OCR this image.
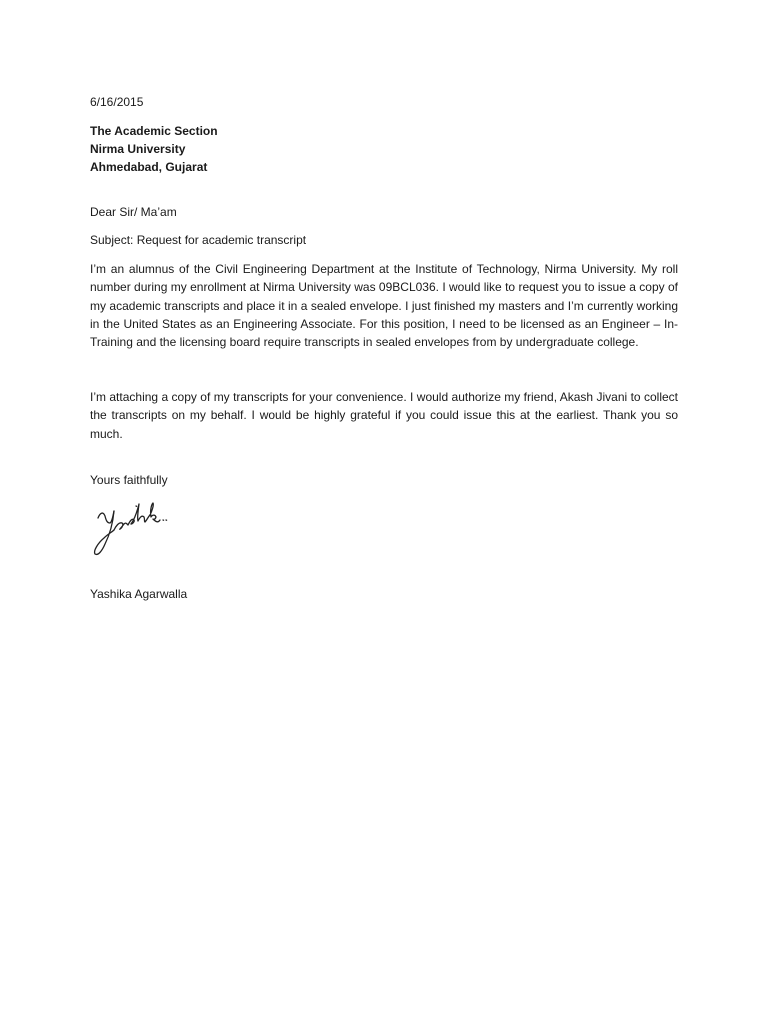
6/16/2015
The Academic Section
Nirma University
Ahmedabad, Gujarat
Dear Sir/ Ma’am
Subject: Request for academic transcript
I’m an alumnus of the Civil Engineering Department at the Institute of Technology, Nirma University. My roll number during my enrollment at Nirma University was 09BCL036. I would like to request you to issue a copy of my academic transcripts and place it in a sealed envelope. I just finished my masters and I’m currently working in the United States as an Engineering Associate. For this position, I need to be licensed as an Engineer – In- Training and the licensing board require transcripts in sealed envelopes from by undergraduate college.
I’m attaching a copy of my transcripts for your convenience. I would authorize my friend, Akash Jivani to collect the transcripts on my behalf. I would be highly grateful if you could issue this at the earliest. Thank you so much.
Yours faithfully
Yashika Agarwalla
